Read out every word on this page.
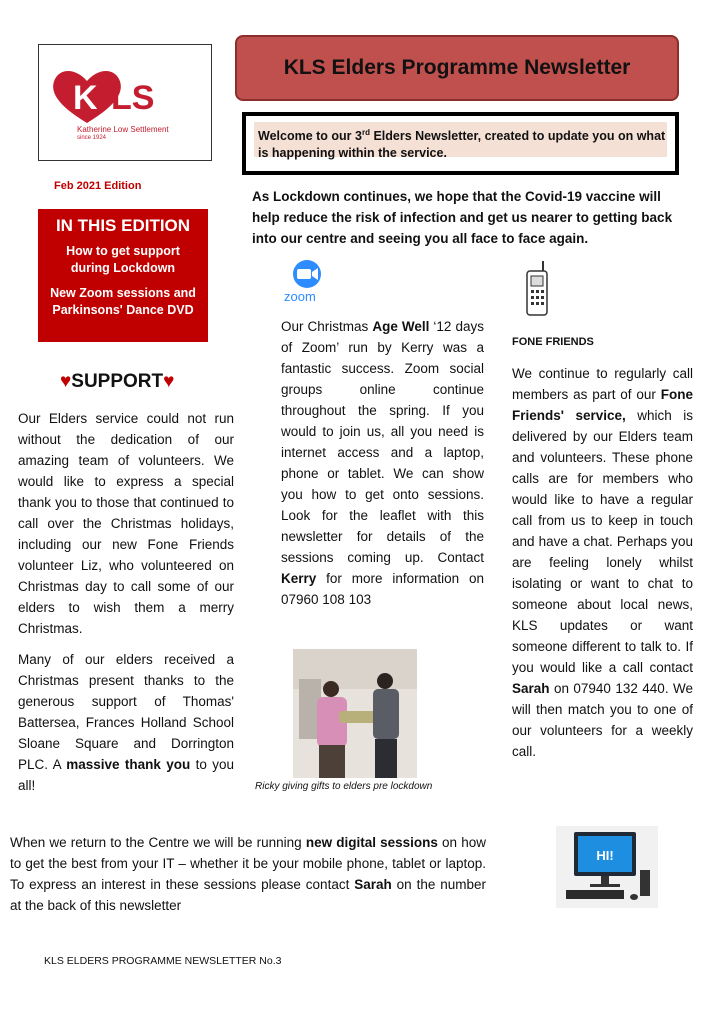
K LS
Katherine Low Settlement
since 1924
KLS Elders Programme Newsletter
Welcome to our 3rd Elders Newsletter, created to update you on what is happening within the service.
Feb 2021 Edition
IN THIS EDITION
How to get support during Lockdown
New Zoom sessions and Parkinsons' Dance DVD
♥SUPPORT♥
Our Elders service could not run without the dedication of our amazing team of volunteers. We would like to express a special thank you to those that continued to call over the Christmas holidays, including our new Fone Friends volunteer Liz, who volunteered on Christmas day to call some of our elders to wish them a merry Christmas.
Many of our elders received a Christmas present thanks to the generous support of Thomas' Battersea, Frances Holland School Sloane Square and Dorrington PLC. A massive thank you to you all!
As Lockdown continues, we hope that the Covid-19 vaccine will help reduce the risk of infection and get us nearer to getting back into our centre and seeing you all face to face again.
zoom
Our Christmas Age Well ‘12 days of Zoom’ run by Kerry was a fantastic success. Zoom social groups online continue throughout the spring. If you would to join us, all you need is internet access and a laptop, phone or tablet. We can show you how to get onto sessions. Look for the leaflet with this newsletter for details of the sessions coming up. Contact Kerry for more information on 07960 108 103
Ricky giving gifts to elders pre lockdown
FONE FRIENDS
We continue to regularly call members as part of our Fone Friends' service, which is delivered by our Elders team and volunteers. These phone calls are for members who would like to have a regular call from us to keep in touch and have a chat. Perhaps you are feeling lonely whilst isolating or want to chat to someone about local news, KLS updates or want someone different to talk to. If you would like a call contact Sarah on 07940 132 440. We will then match you to one of our volunteers for a weekly call.
When we return to the Centre we will be running new digital sessions on how to get the best from your IT – whether it be your mobile phone, tablet or laptop. To express an interest in these sessions please contact Sarah on the number at the back of this newsletter
HI!
KLS ELDERS PROGRAMME NEWSLETTER No.3
